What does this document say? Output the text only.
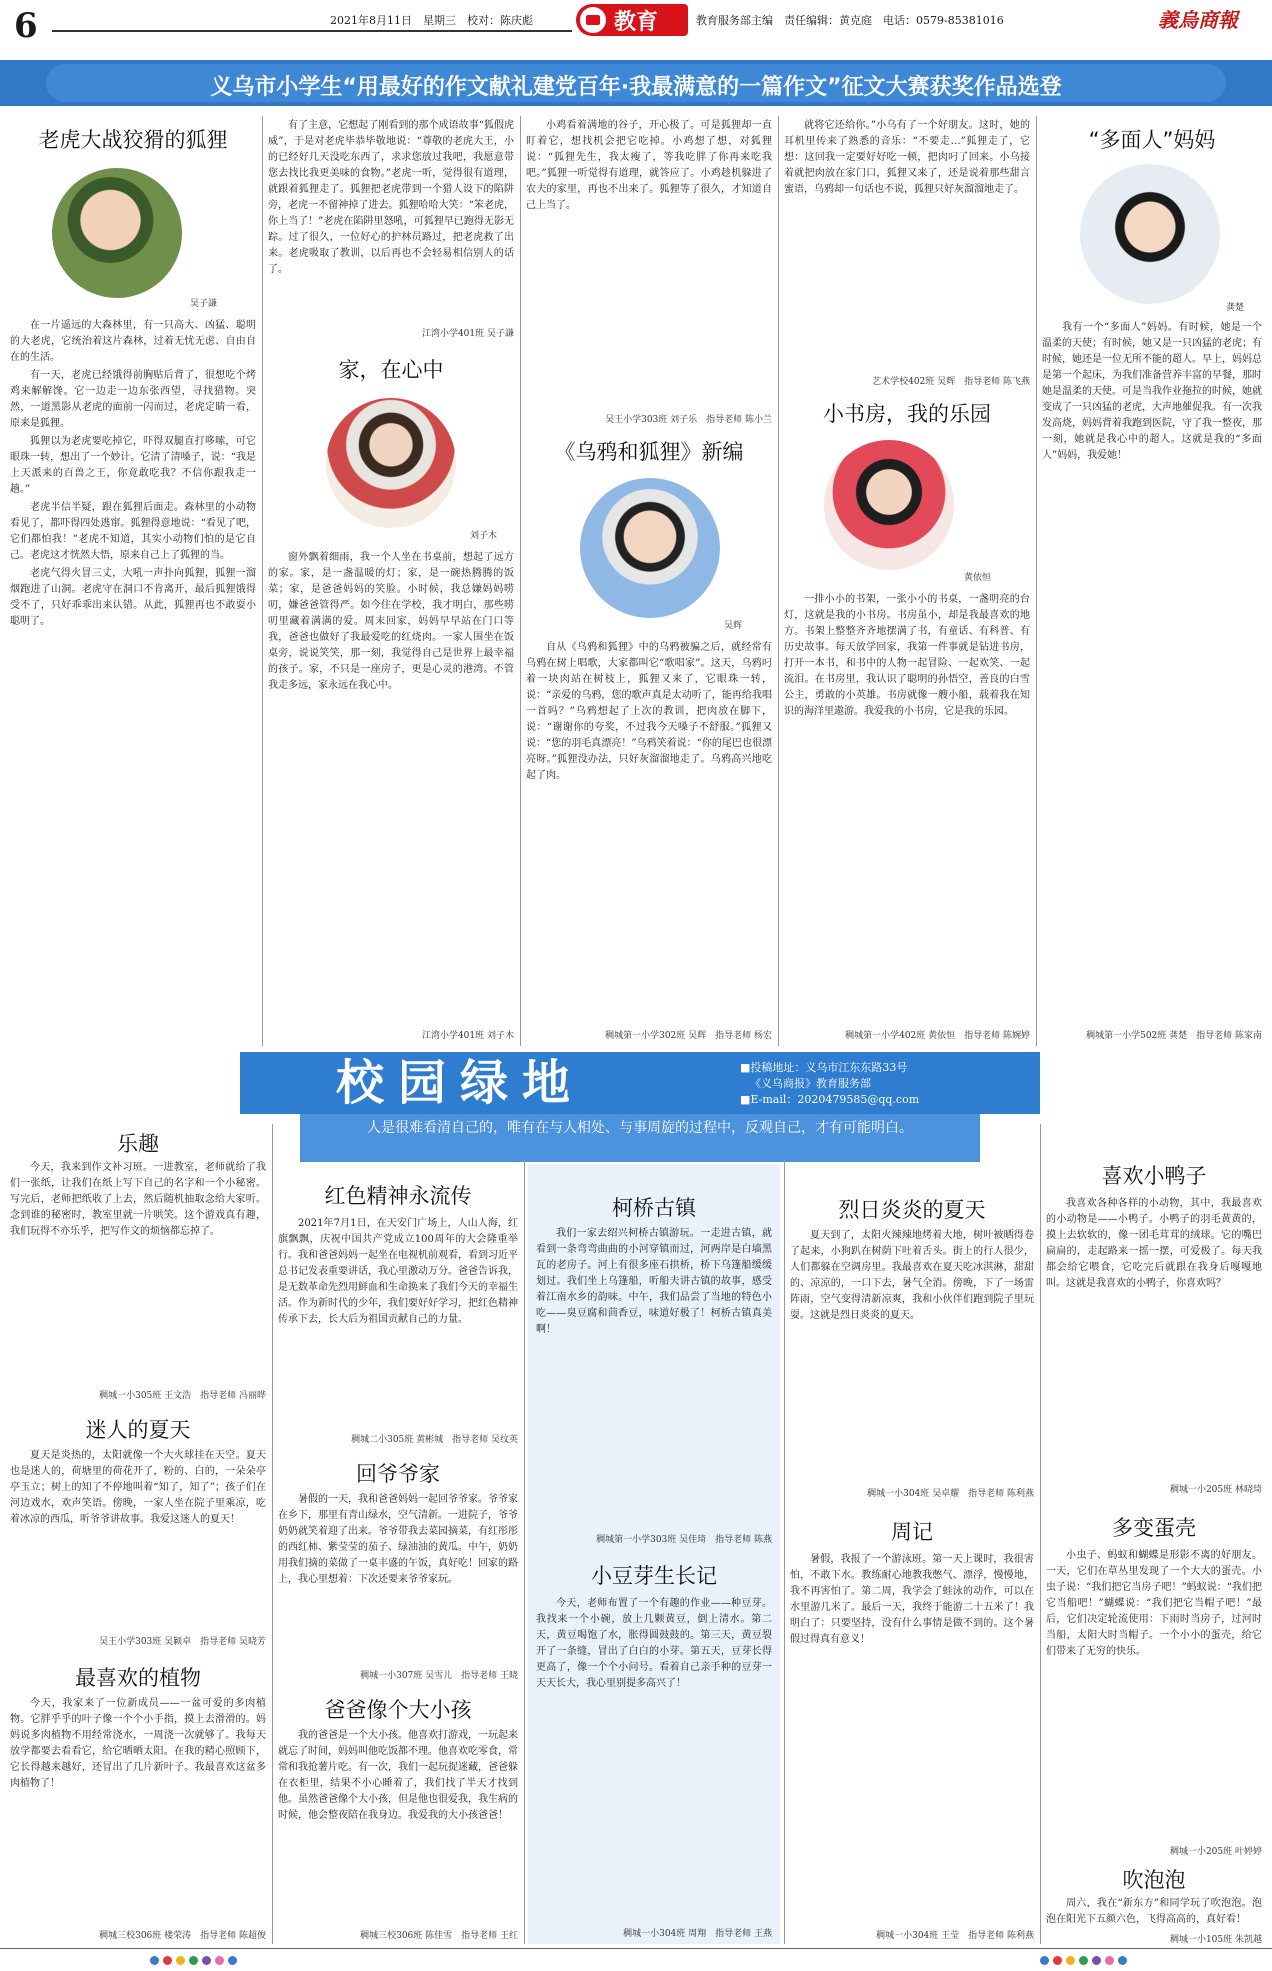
6	2021年8月11日　星期三　校对：陈庆彪	教育	教育服务部主编　责任编辑：黄克庭　电话：0579-85381016	義烏商報
义乌市小学生“用最好的作文献礼建党百年·我最满意的一篇作文”征文大赛获奖作品选登
老虎大战狡猾的狐狸
吴子謙

在一片遥远的大森林里，有一只高大、凶猛、聪明的大老虎，它统治着这片森林，过着无忧无虑、自由自在的生活。

有一天，老虎已经饿得前胸贴后背了，很想吃个烤鸡来解解馋。它一边走一边东张西望，寻找猎物。突然，一道黑影从老虎的面前一闪而过，老虎定睛一看，原来是狐狸。

狐狸以为老虎要吃掉它，吓得双腿直打哆嗦，可它眼珠一转，想出了一个妙计。它清了清嗓子，说：“我是上天派来的百兽之王，你竟敢吃我？不信你跟我走一趟。”

老虎半信半疑，跟在狐狸后面走。森林里的小动物看见了，都吓得四处逃窜。狐狸得意地说：“看见了吧，它们都怕我！”老虎不知道，其实小动物们怕的是它自己。老虎这才恍然大悟，原来自己上了狐狸的当。

老虎气得火冒三丈，大吼一声扑向狐狸，狐狸一溜烟跑进了山洞。老虎守在洞口不肯离开，最后狐狸饿得受不了，只好乖乖出来认错。从此，狐狸再也不敢耍小聪明了。

有了主意，它想起了刚看到的那个成语故事“狐假虎威”，于是对老虎毕恭毕敬地说：“尊敬的老虎大王，小的已经好几天没吃东西了，求求您放过我吧，我愿意带您去找比我更美味的食物。”老虎一听，觉得很有道理，就跟着狐狸走了。狐狸把老虎带到一个猎人设下的陷阱旁，老虎一不留神掉了进去。狐狸哈哈大笑：“笨老虎，你上当了！”老虎在陷阱里怒吼，可狐狸早已跑得无影无踪。过了很久，一位好心的护林员路过，把老虎救了出来。老虎吸取了教训，以后再也不会轻易相信别人的话了。

江湾小学401班 吴子謙
家，在心中
刘子木

窗外飘着细雨，我一个人坐在书桌前，想起了远方的家。家，是一盏温暖的灯；家，是一碗热腾腾的饭菜；家，是爸爸妈妈的笑脸。小时候，我总嫌妈妈唠叨，嫌爸爸管得严。如今住在学校，我才明白，那些唠叨里藏着满满的爱。周末回家，妈妈早早站在门口等我，爸爸也做好了我最爱吃的红烧肉。一家人围坐在饭桌旁，说说笑笑，那一刻，我觉得自己是世界上最幸福的孩子。家，不只是一座房子，更是心灵的港湾。不管我走多远，家永远在我心中。

江湾小学401班 刘子木

小鸡看着满地的谷子，开心极了。可是狐狸却一直盯着它，想找机会把它吃掉。小鸡想了想，对狐狸说：“狐狸先生，我太瘦了，等我吃胖了你再来吃我吧。”狐狸一听觉得有道理，就答应了。小鸡趁机躲进了农夫的家里，再也不出来了。狐狸等了很久，才知道自己上当了。

吴王小学303班 刘子乐　指导老师 陈小兰
《乌鸦和狐狸》新编
吴辉

自从《乌鸦和狐狸》中的乌鸦被骗之后，就经常有乌鸦在树上唱歌，大家都叫它“歌唱家”。这天，乌鸦叼着一块肉站在树枝上，狐狸又来了，它眼珠一转，说：“亲爱的乌鸦，您的歌声真是太动听了，能再给我唱一首吗？”乌鸦想起了上次的教训，把肉放在脚下，说：“谢谢你的夸奖，不过我今天嗓子不舒服。”狐狸又说：“您的羽毛真漂亮！”乌鸦笑着说：“你的尾巴也很漂亮呀。”狐狸没办法，只好灰溜溜地走了。乌鸦高兴地吃起了肉。

稠城第一小学302班 吴辉　指导老师 杨宏

就将它还给你。”小乌有了一个好朋友。这时，她的耳机里传来了熟悉的音乐：“不要走…”狐狸走了，它想：这回我一定要好好吃一顿，把肉叼了回来。小乌接着就把肉放在家门口，狐狸又来了，还是说着那些甜言蜜语，乌鸦却一句话也不说，狐狸只好灰溜溜地走了。

艺术学校402班 吴辉　指导老师 陈飞燕
小书房，我的乐园
黄依恒

一排小小的书架，一张小小的书桌，一盏明亮的台灯，这就是我的小书房。书房虽小，却是我最喜欢的地方。书架上整整齐齐地摆满了书，有童话、有科普、有历史故事。每天放学回家，我第一件事就是钻进书房，打开一本书，和书中的人物一起冒险、一起欢笑、一起流泪。在书房里，我认识了聪明的孙悟空，善良的白雪公主，勇敢的小英雄。书房就像一艘小船，载着我在知识的海洋里遨游。我爱我的小书房，它是我的乐园。

稠城第一小学402班 黄依恒　指导老师 陈婉婷
“多面人”妈妈
龚楚

我有一个“多面人”妈妈。有时候，她是一个温柔的天使；有时候，她又是一只凶猛的老虎；有时候，她还是一位无所不能的超人。早上，妈妈总是第一个起床，为我们准备营养丰富的早餐，那时她是温柔的天使。可是当我作业拖拉的时候，她就变成了一只凶猛的老虎，大声地催促我。有一次我发高烧，妈妈背着我跑到医院，守了我一整夜，那一刻，她就是我心中的超人。这就是我的“多面人”妈妈，我爱她！

稠城第一小学502班 龚楚　指导老师 陈家南
校园绿地	■投稿地址：义乌市江东东路33号
《义乌商报》教育服务部
■E-mail：2020479585@qq.com
人是很难看清自己的，唯有在与人相处、与事周旋的过程中，反观自己，才有可能明白。
乐趣

今天，我来到作文补习班。一进教室，老师就给了我们一张纸，让我们在纸上写下自己的名字和一个小秘密。写完后，老师把纸收了上去，然后随机抽取念给大家听。念到谁的秘密时，教室里就一片哄笑。这个游戏真有趣，我们玩得不亦乐乎，把写作文的烦恼都忘掉了。

稠城一小305班 王文浩　指导老师 冯丽晔
迷人的夏天

夏天是炎热的，太阳就像一个大火球挂在天空。夏天也是迷人的，荷塘里的荷花开了，粉的、白的，一朵朵亭亭玉立；树上的知了不停地叫着“知了，知了”；孩子们在河边戏水，欢声笑语。傍晚，一家人坐在院子里乘凉，吃着冰凉的西瓜，听爷爷讲故事。我爱这迷人的夏天！

吴王小学303班 吴颖卓　指导老师 吴晓芳
最喜欢的植物

今天，我家来了一位新成员——一盆可爱的多肉植物。它胖乎乎的叶子像一个个小手指，摸上去滑滑的。妈妈说多肉植物不用经常浇水，一周浇一次就够了。我每天放学都要去看看它，给它晒晒太阳。在我的精心照顾下，它长得越来越好，还冒出了几片新叶子。我最喜欢这盆多肉植物了！

稠城三校306班 楼荣涛　指导老师 陈超俊
红色精神永流传

2021年7月1日，在天安门广场上，人山人海，红旗飘飘，庆祝中国共产党成立100周年的大会隆重举行。我和爸爸妈妈一起坐在电视机前观看，看到习近平总书记发表重要讲话，我心里激动万分。爸爸告诉我，是无数革命先烈用鲜血和生命换来了我们今天的幸福生活。作为新时代的少年，我们要好好学习，把红色精神传承下去，长大后为祖国贡献自己的力量。

稠城二小305班 黄彬城　指导老师 吴纹英
回爷爷家

暑假的一天，我和爸爸妈妈一起回爷爷家。爷爷家在乡下，那里有青山绿水，空气清新。一进院子，爷爷奶奶就笑着迎了出来。爷爷带我去菜园摘菜，有红彤彤的西红柿、紫莹莹的茄子、绿油油的黄瓜。中午，奶奶用我们摘的菜做了一桌丰盛的午饭，真好吃！回家的路上，我心里想着：下次还要来爷爷家玩。

稠城一小307班 吴雪儿　指导老师 王晓
爸爸像个大小孩

我的爸爸是一个大小孩。他喜欢打游戏，一玩起来就忘了时间，妈妈叫他吃饭都不理。他喜欢吃零食，常常和我抢薯片吃。有一次，我们一起玩捉迷藏，爸爸躲在衣柜里，结果不小心睡着了，我们找了半天才找到他。虽然爸爸像个大小孩，但是他也很爱我，我生病的时候，他会整夜陪在我身边。我爱我的大小孩爸爸！

稠城三校306班 陈佳雪　指导老师 王红
柯桥古镇

我们一家去绍兴柯桥古镇游玩。一走进古镇，就看到一条弯弯曲曲的小河穿镇而过，河两岸是白墙黑瓦的老房子。河上有很多座石拱桥，桥下乌篷船缓缓划过。我们坐上乌篷船，听船夫讲古镇的故事，感受着江南水乡的韵味。中午，我们品尝了当地的特色小吃——臭豆腐和茴香豆，味道好极了！柯桥古镇真美啊！

稠城第一小学303班 吴佳琦　指导老师 陈燕
小豆芽生长记

今天，老师布置了一个有趣的作业——种豆芽。我找来一个小碗，放上几颗黄豆，倒上清水。第二天，黄豆喝饱了水，胀得圆鼓鼓的。第三天，黄豆裂开了一条缝，冒出了白白的小芽。第五天，豆芽长得更高了，像一个个小问号。看着自己亲手种的豆芽一天天长大，我心里别提多高兴了！

稠城一小304班 周翔　指导老师 王燕
烈日炎炎的夏天

夏天到了，太阳火辣辣地烤着大地，树叶被晒得卷了起来，小狗趴在树荫下吐着舌头。街上的行人很少，人们都躲在空调房里。我最喜欢在夏天吃冰淇淋，甜甜的、凉凉的，一口下去，暑气全消。傍晚，下了一场雷阵雨，空气变得清新凉爽，我和小伙伴们跑到院子里玩耍。这就是烈日炎炎的夏天。

稠城一小304班 吴卓耀　指导老师 陈利燕
周记

暑假，我报了一个游泳班。第一天上课时，我很害怕，不敢下水。教练耐心地教我憋气、漂浮，慢慢地，我不再害怕了。第二周，我学会了蛙泳的动作，可以在水里游几米了。最后一天，我终于能游二十五米了！我明白了：只要坚持，没有什么事情是做不到的。这个暑假过得真有意义！

稠城一小304班 王莹　指导老师 陈利燕
喜欢小鸭子

我喜欢各种各样的小动物，其中，我最喜欢的小动物是——小鸭子。小鸭子的羽毛黄黄的，摸上去软软的，像一团毛茸茸的绒球。它的嘴巴扁扁的，走起路来一摇一摆，可爱极了。每天我都会给它喂食，它吃完后就跟在我身后嘎嘎地叫。这就是我喜欢的小鸭子，你喜欢吗？

稠城一小205班 林晓琦
多变蛋壳

小虫子、蚂蚁和蝴蝶是形影不离的好朋友。一天，它们在草丛里发现了一个大大的蛋壳。小虫子说：“我们把它当房子吧！”蚂蚁说：“我们把它当船吧！”蝴蝶说：“我们把它当帽子吧！”最后，它们决定轮流使用：下雨时当房子，过河时当船，太阳大时当帽子。一个小小的蛋壳，给它们带来了无穷的快乐。

稠城一小205班 叶婷婷
吹泡泡

周六，我在“新东方”和同学玩了吹泡泡。泡泡在阳光下五颜六色，飞得高高的，真好看！

稠城一小105班 朱凯越
